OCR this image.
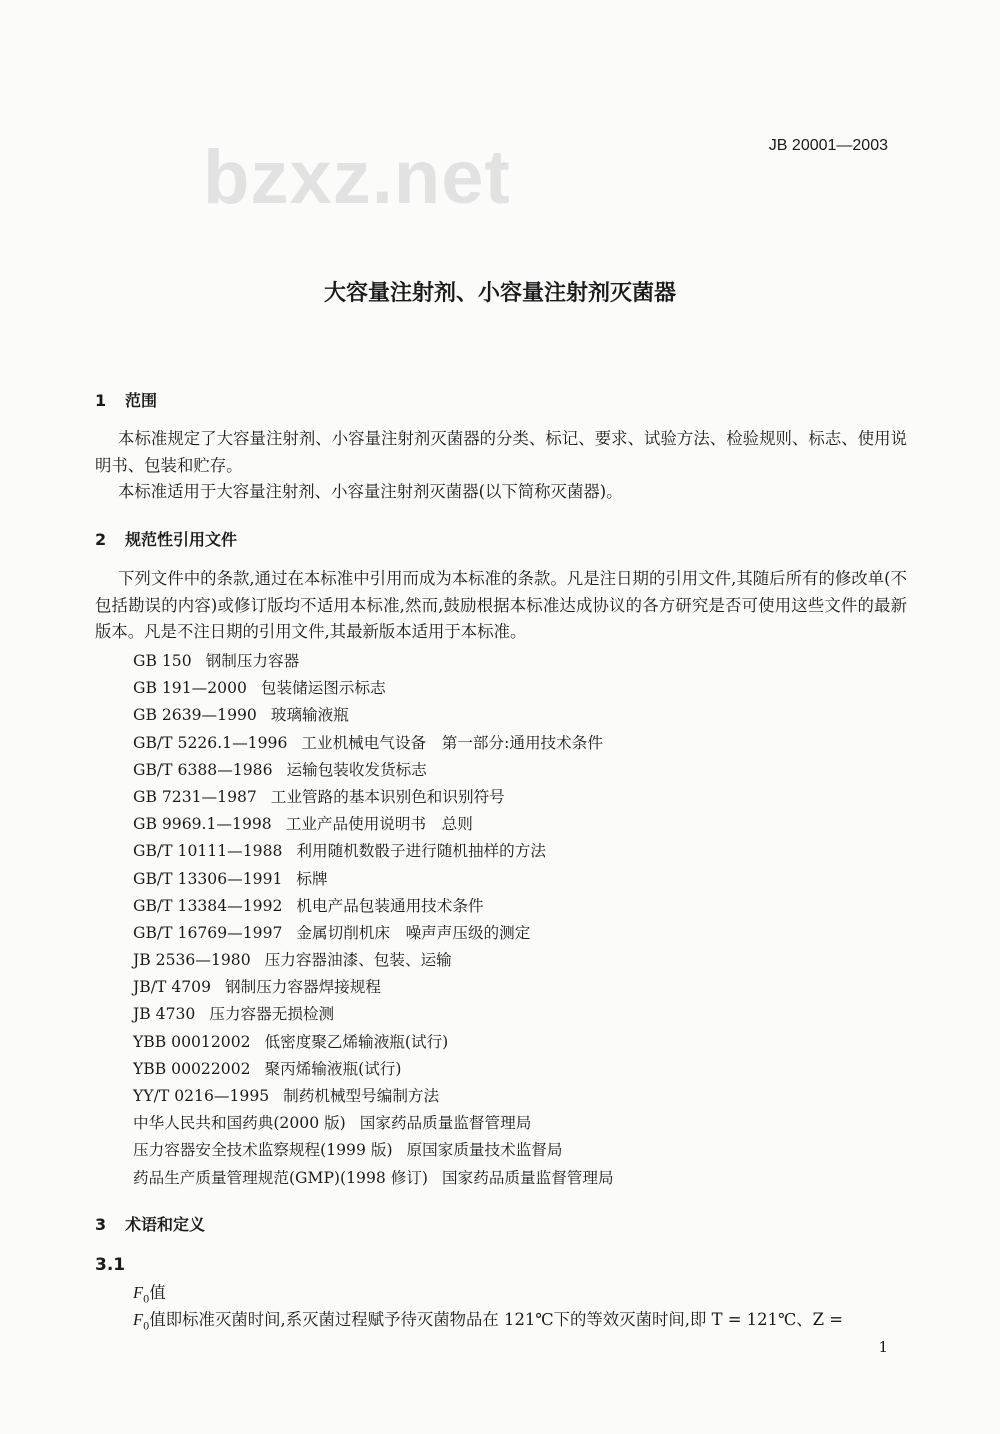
bzxz.net	JB 20001—2003
大容量注射剂、小容量注射剂灭菌器
1 范围
本标准规定了大容量注射剂、小容量注射剂灭菌器的分类、标记、要求、试验方法、检验规则、标志、使用说明书、包装和贮存。
本标准适用于大容量注射剂、小容量注射剂灭菌器(以下简称灭菌器)。
2 规范性引用文件
下列文件中的条款,通过在本标准中引用而成为本标准的条款。凡是注日期的引用文件,其随后所有的修改单(不包括勘误的内容)或修订版均不适用本标准,然而,鼓励根据本标准达成协议的各方研究是否可使用这些文件的最新版本。凡是不注日期的引用文件,其最新版本适用于本标准。
GB 150 钢制压力容器
GB 191—2000 包装储运图示标志
GB 2639—1990 玻璃输液瓶
GB/T 5226.1—1996 工业机械电气设备　第一部分:通用技术条件
GB/T 6388—1986 运输包装收发货标志
GB 7231—1987 工业管路的基本识别色和识别符号
GB 9969.1—1998 工业产品使用说明书　总则
GB/T 10111—1988 利用随机数骰子进行随机抽样的方法
GB/T 13306—1991 标牌
GB/T 13384—1992 机电产品包装通用技术条件
GB/T 16769—1997 金属切削机床　噪声声压级的测定
JB 2536—1980 压力容器油漆、包装、运输
JB/T 4709 钢制压力容器焊接规程
JB 4730 压力容器无损检测
YBB 00012002 低密度聚乙烯输液瓶(试行)
YBB 00022002 聚丙烯输液瓶(试行)
YY/T 0216—1995 制药机械型号编制方法
中华人民共和国药典(2000 版) 国家药品质量监督管理局
压力容器安全技术监察规程(1999 版) 原国家质量技术监督局
药品生产质量管理规范(GMP)(1998 修订) 国家药品质量监督管理局
3 术语和定义
3.1
$F_0$值
$F_0$值即标准灭菌时间,系灭菌过程赋予待灭菌物品在 121℃下的等效灭菌时间,即 T = 121℃、Z =
1
